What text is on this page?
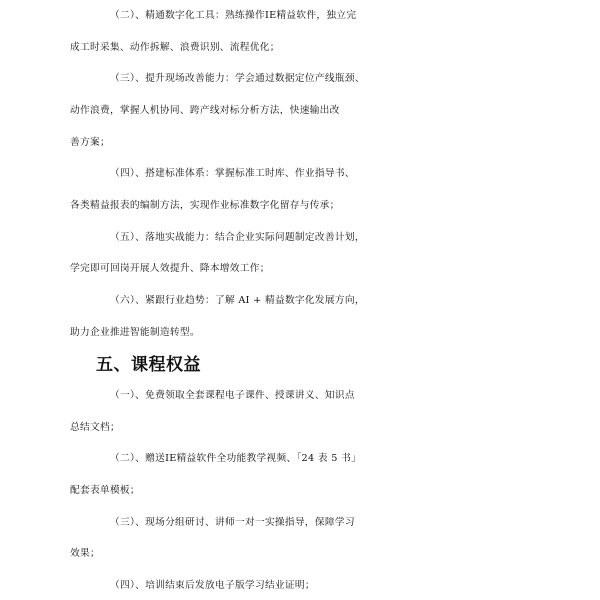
（二）、精通数字化工具：熟练操作IE精益软件，独立完
成工时采集、动作拆解、浪费识别、流程优化；
（三）、提升现场改善能力：学会通过数据定位产线瓶颈、
动作浪费，掌握人机协同、跨产线对标分析方法，快速输出改
善方案；
（四）、搭建标准体系：掌握标准工时库、作业指导书、
各类精益报表的编制方法，实现作业标准数字化留存与传承；
（五）、落地实战能力：结合企业实际问题制定改善计划，
学完即可回岗开展人效提升、降本增效工作；
（六）、紧跟行业趋势：了解 AI + 精益数字化发展方向，
助力企业推进智能制造转型。
五、课程权益
（一）、免费领取全套课程电子课件、授课讲义、知识点
总结文档；
（二）、赠送IE精益软件全功能教学视频、「24 表 5 书」
配套表单模板；
（三）、现场分组研讨、讲师一对一实操指导，保障学习
效果；
（四）、培训结束后发放电子版学习结业证明；
